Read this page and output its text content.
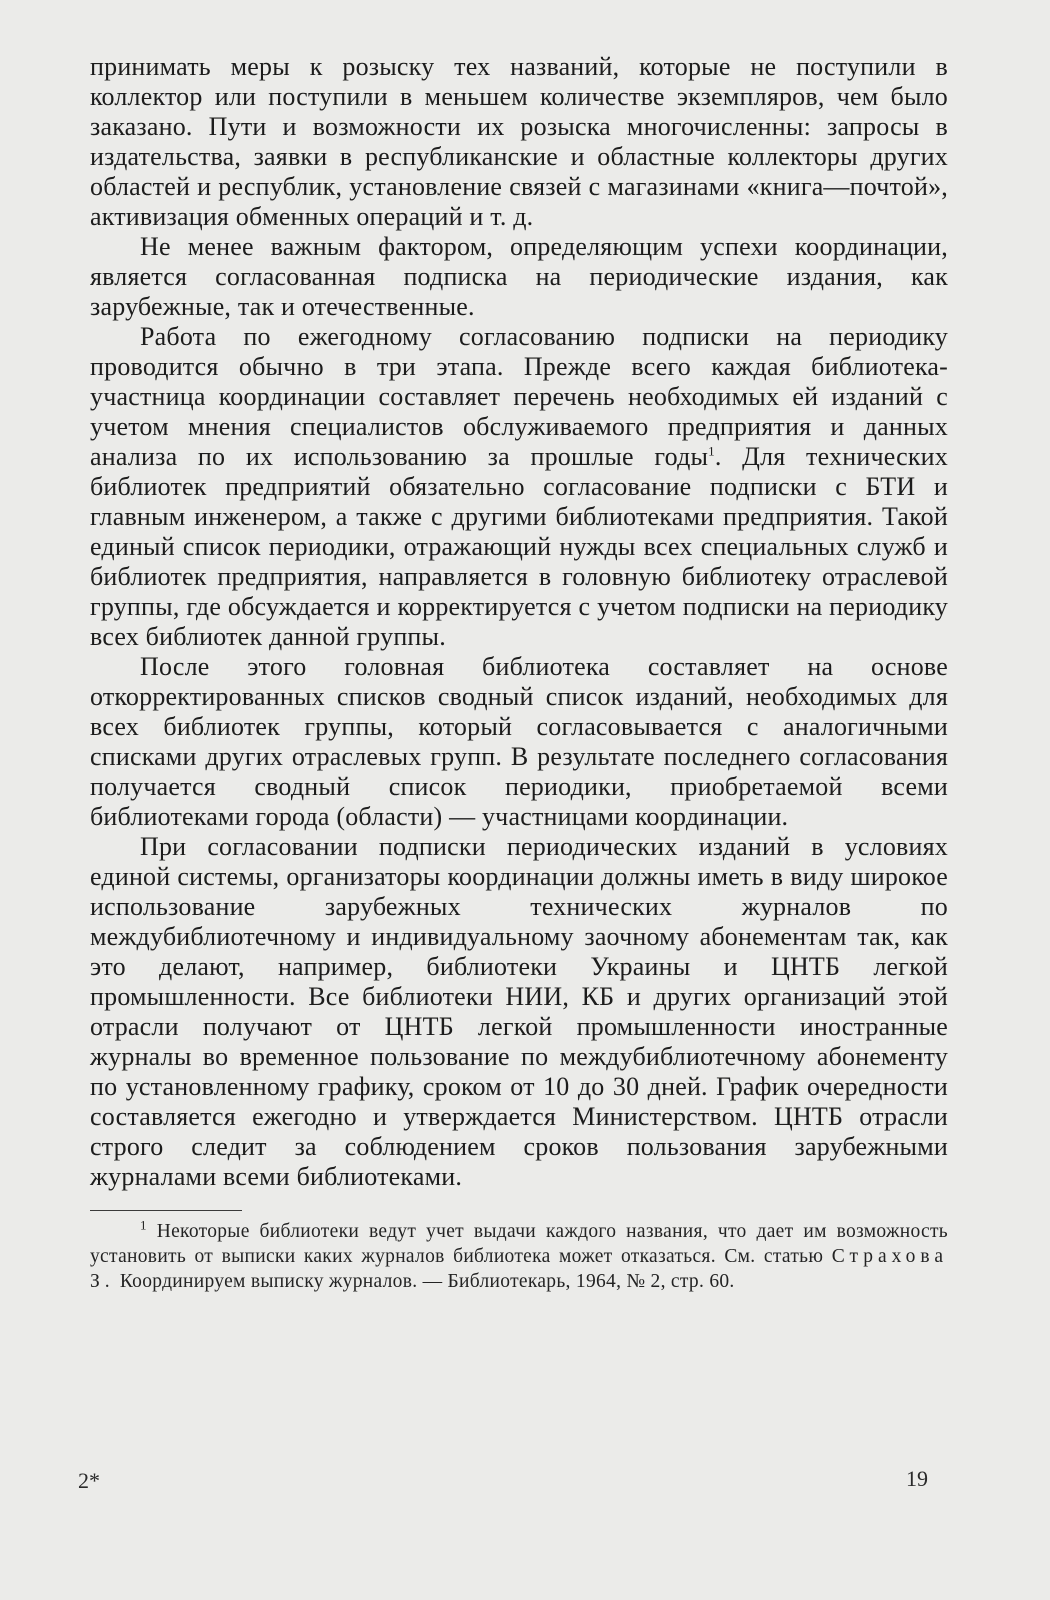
принимать меры к розыску тех названий, которые не поступили в коллектор или поступили в меньшем количестве экземпляров, чем было заказано. Пути и возможности их розыска многочисленны: запросы в издательства, заявки в республиканские и областные коллекторы других областей и республик, установление связей с магазинами «книга—почтой», активизация обменных операций и т. д.

Не менее важным фактором, определяющим успехи координации, является согласованная подписка на периодические издания, как зарубежные, так и отечественные.

Работа по ежегодному согласованию подписки на периодику проводится обычно в три этапа. Прежде всего каждая библиотека-участница координации составляет перечень необходимых ей изданий с учетом мнения специалистов обслуживаемого предприятия и данных анализа по их использованию за прошлые годы$^1$. Для технических библиотек предприятий обязательно согласование подписки с БТИ и главным инженером, а также с другими библиотеками предприятия. Такой единый список периодики, отражающий нужды всех специальных служб и библиотек предприятия, направляется в головную библиотеку отраслевой группы, где обсуждается и корректируется с учетом подписки на периодику всех библиотек данной группы.

После этого головная библиотека составляет на основе откорректированных списков сводный список изданий, необходимых для всех библиотек группы, который согласовывается с аналогичными списками других отраслевых групп. В результате последнего согласования получается сводный список периодики, приобретаемой всеми библиотеками города (области) — участницами координации.

При согласовании подписки периодических изданий в условиях единой системы, организаторы координации должны иметь в виду широкое использование зарубежных технических журналов по междубиблиотечному и индивидуальному заочному абонементам так, как это делают, например, библиотеки Украины и ЦНТБ легкой промышленности. Все библиотеки НИИ, КБ и других организаций этой отрасли получают от ЦНТБ легкой промышленности иностранные журналы во временное пользование по междубиблиотечному абонементу по установленному графику, сроком от 10 до 30 дней. График очередности составляется ежегодно и утверждается Министерством. ЦНТБ отрасли строго следит за соблюдением сроков пользования зарубежными журналами всеми библиотеками.

$^1$ Некоторые библиотеки ведут учет выдачи каждого названия, что дает им возможность установить от выписки каких журналов библиотека может отказаться. См. статью Страхова З. Координируем выписку журналов. — Библиотекарь, 1964, № 2, стр. 60.

2*	19
